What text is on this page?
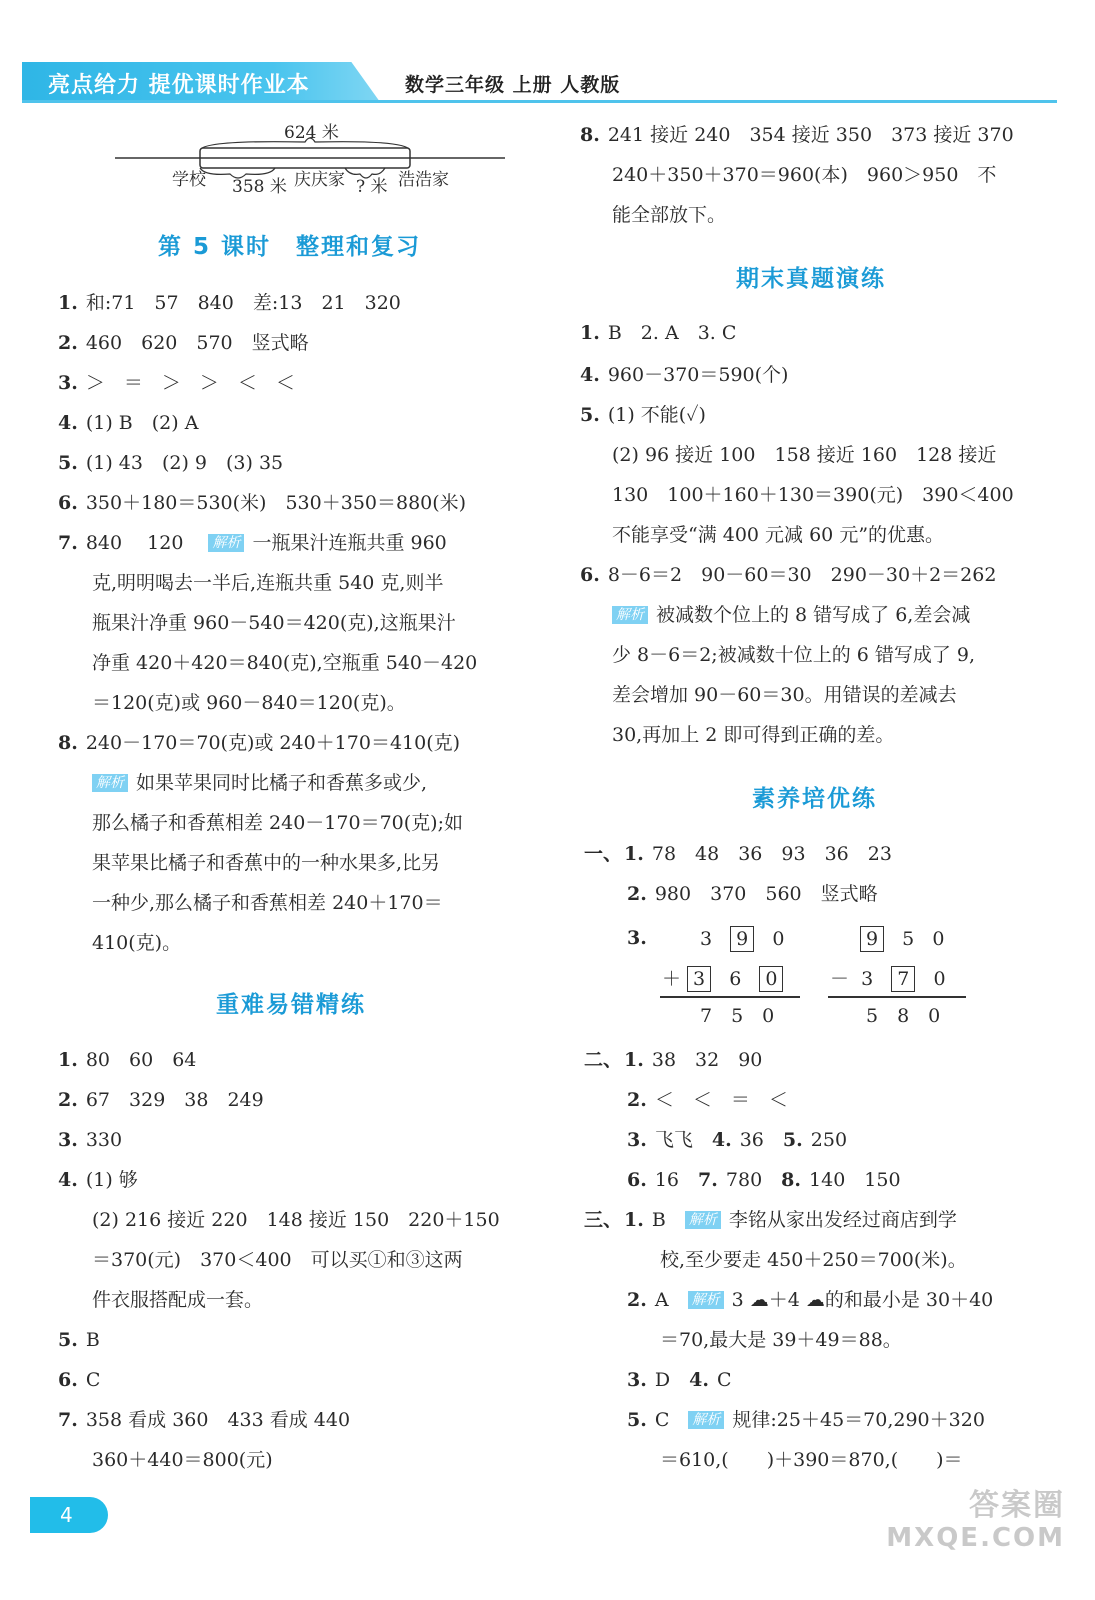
亮点给力 提优课时作业本	数学三年级 上册 人教版
624 米
学校 358 米 庆庆家 ? 米 浩浩家
第 5 课时　整理和复习
1. 和:71　57　840　差:13　21　320
2. 460　620　570　竖式略
3. ＞　＝　＞　＞　＜　＜
4. (1) B　(2) A
5. (1) 43　(2) 9　(3) 35
6. 350＋180＝530(米)　530＋350＝880(米)
7. 840　 120　 解析 一瓶果汁连瓶共重 960
克,明明喝去一半后,连瓶共重 540 克,则半
瓶果汁净重 960－540＝420(克),这瓶果汁
净重 420＋420＝840(克),空瓶重 540－420
＝120(克)或 960－840＝120(克)。
8. 240－170＝70(克)或 240＋170＝410(克)
解析 如果苹果同时比橘子和香蕉多或少,
那么橘子和香蕉相差 240－170＝70(克);如
果苹果比橘子和香蕉中的一种水果多,比另
一种少,那么橘子和香蕉相差 240＋170＝
410(克)。
重难易错精练
1. 80　60　64
2. 67　329　38　249
3. 330
4. (1) 够
(2) 216 接近 220　148 接近 150　220＋150
＝370(元)　370＜400　可以买①和③这两
件衣服搭配成一套。
5. B
6. C
7. 358 看成 360　433 看成 440
360＋440＝800(元)
8. 241 接近 240　354 接近 350　373 接近 370
240＋350＋370＝960(本)　960＞950　不
能全部放下。
期末真题演练
1. B　2. A　3. C
4. 960－370＝590(个)
5. (1) 不能(✓)
(2) 96 接近 100　158 接近 160　128 接近
130　100＋160＋130＝390(元)　390＜400
不能享受“满 400 元减 60 元”的优惠。
6. 8－6＝2　90－60＝30　290－30＋2＝262
解析 被减数个位上的 8 错写成了 6,差会减
少 8－6＝2;被减数十位上的 6 错写成了 9,
差会增加 90－60＝30。用错误的差减去
30,再加上 2 即可得到正确的差。
素养培优练
一、 1. 78　48　36　93　36　23
2. 980　370　560　竖式略
3.	3 9 0
＋ 3 6 0
7　5　0
9 5 0
－ 3 7 0
5　8　0
二、 1. 38　32　90
2. ＜　＜　＝　＜
3. 飞飞　 4. 36　 5. 250
6. 16　 7. 780　 8. 140　150
三、 1. B　 解析 李铭从家出发经过商店到学
校,至少要走 450＋250＝700(米)。
2. A　 解析 3 ☁＋4 ☁的和最小是 30＋40
＝70,最大是 39＋49＝88。
3. D　 4. C
5. C　 解析 规律:25＋45＝70,290＋320
＝610,(　　)＋390＝870,(　　)＝
4	答案圈
MXQE.COM
